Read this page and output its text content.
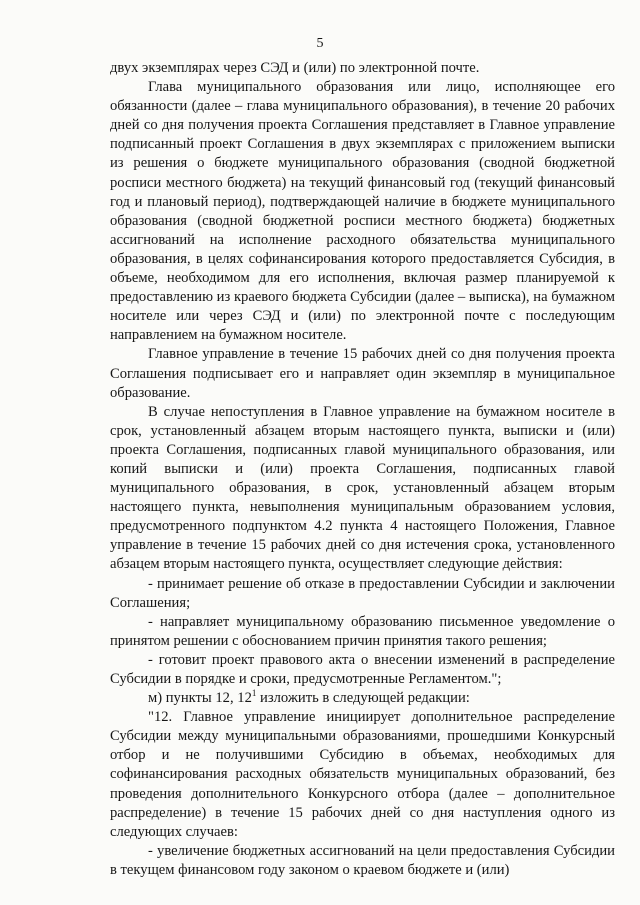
5

двух экземплярах через СЭД и (или) по электронной почте.

Глава муниципального образования или лицо, исполняющее его обязанности (далее – глава муниципального образования), в течение 20 рабочих дней со дня получения проекта Соглашения представляет в Главное управление подписанный проект Соглашения в двух экземплярах с приложением выписки из решения о бюджете муниципального образования (сводной бюджетной росписи местного бюджета) на текущий финансовый год (текущий финансовый год и плановый период), подтверждающей наличие в бюджете муниципального образования (сводной бюджетной росписи местного бюджета) бюджетных ассигнований на исполнение расходного обязательства муниципального образования, в целях софинансирования которого предоставляется Субсидия, в объеме, необходимом для его исполнения, включая размер планируемой к предоставлению из краевого бюджета Субсидии (далее – выписка), на бумажном носителе или через СЭД и (или) по электронной почте с последующим направлением на бумажном носителе.

Главное управление в течение 15 рабочих дней со дня получения проекта Соглашения подписывает его и направляет один экземпляр в муниципальное образование.

В случае непоступления в Главное управление на бумажном носителе в срок, установленный абзацем вторым настоящего пункта, выписки и (или) проекта Соглашения, подписанных главой муниципального образования, или копий выписки и (или) проекта Соглашения, подписанных главой муниципального образования, в срок, установленный абзацем вторым настоящего пункта, невыполнения муниципальным образованием условия, предусмотренного подпунктом 4.2 пункта 4 настоящего Положения, Главное управление в течение 15 рабочих дней со дня истечения срока, установленного абзацем вторым настоящего пункта, осуществляет следующие действия:

- принимает решение об отказе в предоставлении Субсидии и заключении Соглашения;

- направляет муниципальному образованию письменное уведомление о принятом решении с обоснованием причин принятия такого решения;

- готовит проект правового акта о внесении изменений в распределение Субсидии в порядке и сроки, предусмотренные Регламентом.";

м) пункты 12, $12^1$ изложить в следующей редакции:

"12. Главное управление инициирует дополнительное распределение Субсидии между муниципальными образованиями, прошедшими Конкурсный отбор и не получившими Субсидию в объемах, необходимых для софинансирования расходных обязательств муниципальных образований, без проведения дополнительного Конкурсного отбора (далее – дополнительное распределение) в течение 15 рабочих дней со дня наступления одного из следующих случаев:

- увеличение бюджетных ассигнований на цели предоставления Субсидии в текущем финансовом году законом о краевом бюджете и (или)
